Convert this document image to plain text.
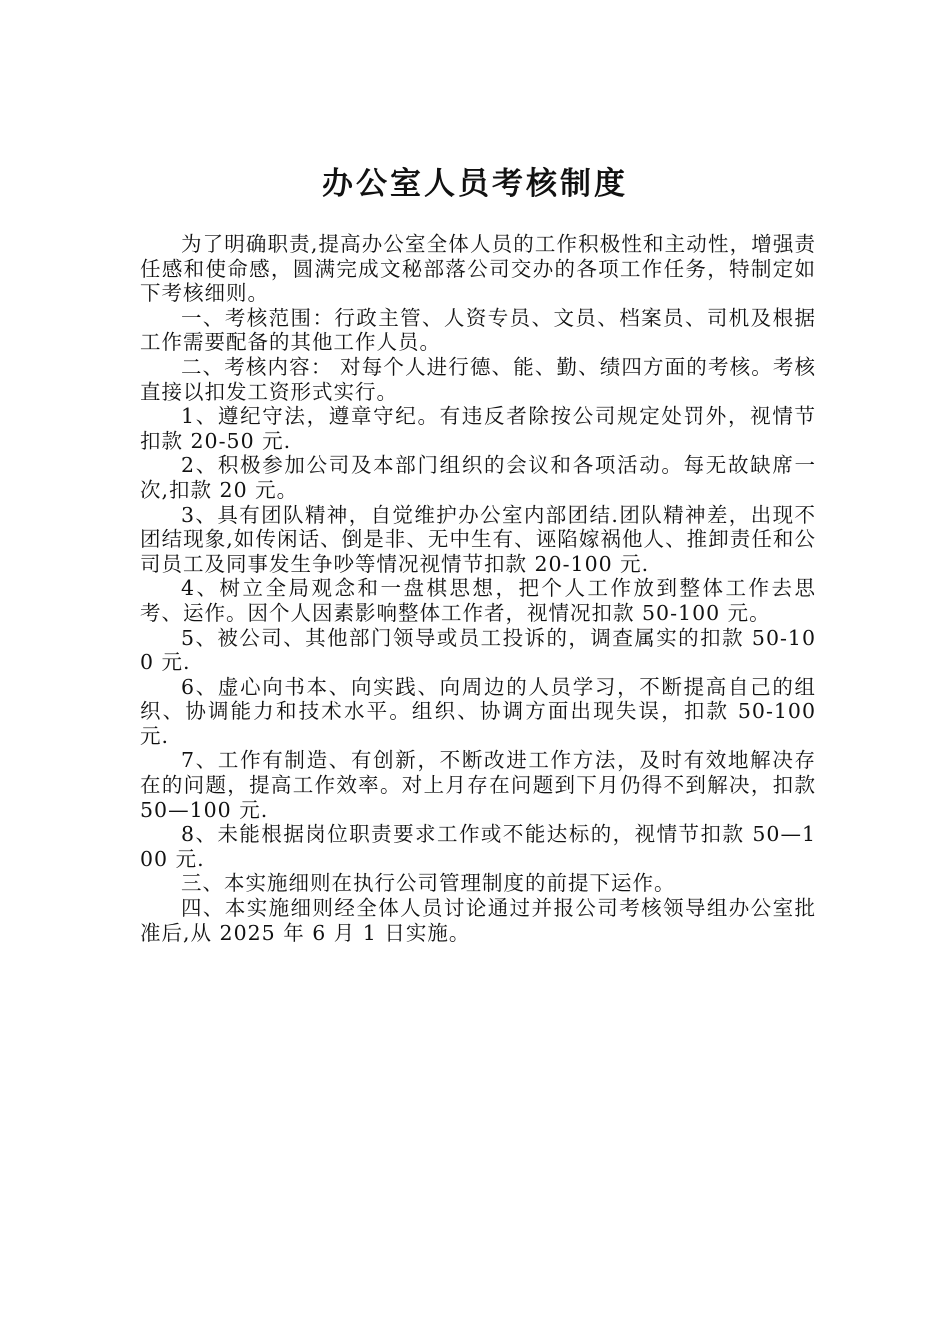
办公室人员考核制度

为了明确职责,提高办公室全体人员的工作积极性和主动性，增强责任感和使命感，圆满完成文秘部落公司交办的各项工作任务，特制定如下考核细则。

一、考核范围：行政主管、人资专员、文员、档案员、司机及根据工作需要配备的其他工作人员。

二、考核内容： 对每个人进行德、能、勤、绩四方面的考核。考核直接以扣发工资形式实行。

1、遵纪守法，遵章守纪。有违反者除按公司规定处罚外，视情节扣款 20-50 元.

2、积极参加公司及本部门组织的会议和各项活动。每无故缺席一次,扣款 20 元。

3、具有团队精神，自觉维护办公室内部团结.团队精神差，出现不团结现象,如传闲话、倒是非、无中生有、诬陷嫁祸他人、推卸责任和公司员工及同事发生争吵等情况视情节扣款 20-100 元.

4、树立全局观念和一盘棋思想，把个人工作放到整体工作去思考、运作。因个人因素影响整体工作者，视情况扣款 50-100 元。

5、被公司、其他部门领导或员工投诉的，调查属实的扣款 50-100 元.

6、虚心向书本、向实践、向周边的人员学习，不断提高自己的组织、协调能力和技术水平。组织、协调方面出现失误，扣款 50-100 元.

7、工作有制造、有创新，不断改进工作方法，及时有效地解决存在的问题，提高工作效率。对上月存在问题到下月仍得不到解决，扣款 50—100 元.

8、未能根据岗位职责要求工作或不能达标的，视情节扣款 50—100 元.

三、本实施细则在执行公司管理制度的前提下运作。

四、本实施细则经全体人员讨论通过并报公司考核领导组办公室批准后,从 2025 年 6 月 1 日实施。
